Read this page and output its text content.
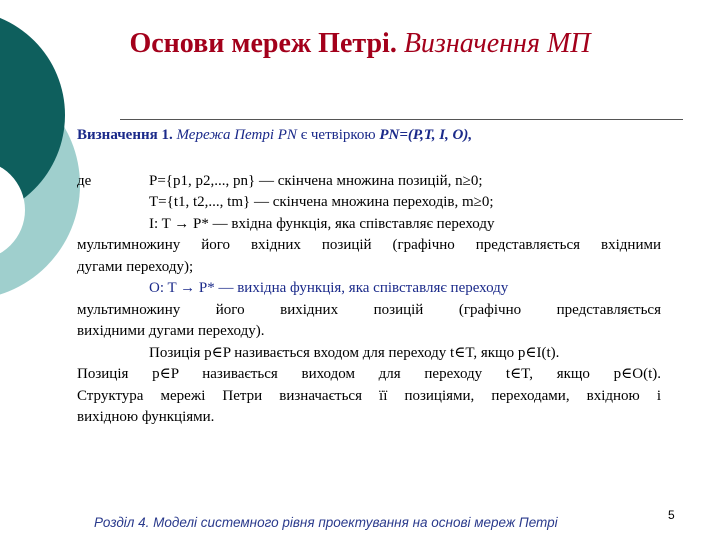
Основи мереж Петрі. Визначення МП

Визначення 1. Мережа Петрі PN є четвіркою PN=(P,T, I, O),

де	P={p1, p2,..., pn} — скінчена множина позицій, n≥0;

T={t1, t2,..., tm} — скінчена множина переходів, m≥0;

I: T → P* — вхідна функція, яка співставляє переходу

мультимножину його вхідних позицій (графічно представляється вхідними

дугами переходу);

O: T → P* — вихідна функція, яка співставляє переходу

мультимножину його вихідних позицій (графічно представляється

вихідними дугами переходу).

Позиція p∈P називається входом для переходу t∈T, якщо p∈I(t).

Позиція p∈P називається виходом для переходу t∈T, якщо p∈O(t).

Структура мережі Петри визначається її позиціями, переходами, вхідною і

вихідною функціями.

Розділ 4. Моделі системного рівня проектування на основі мереж Петрі	5
